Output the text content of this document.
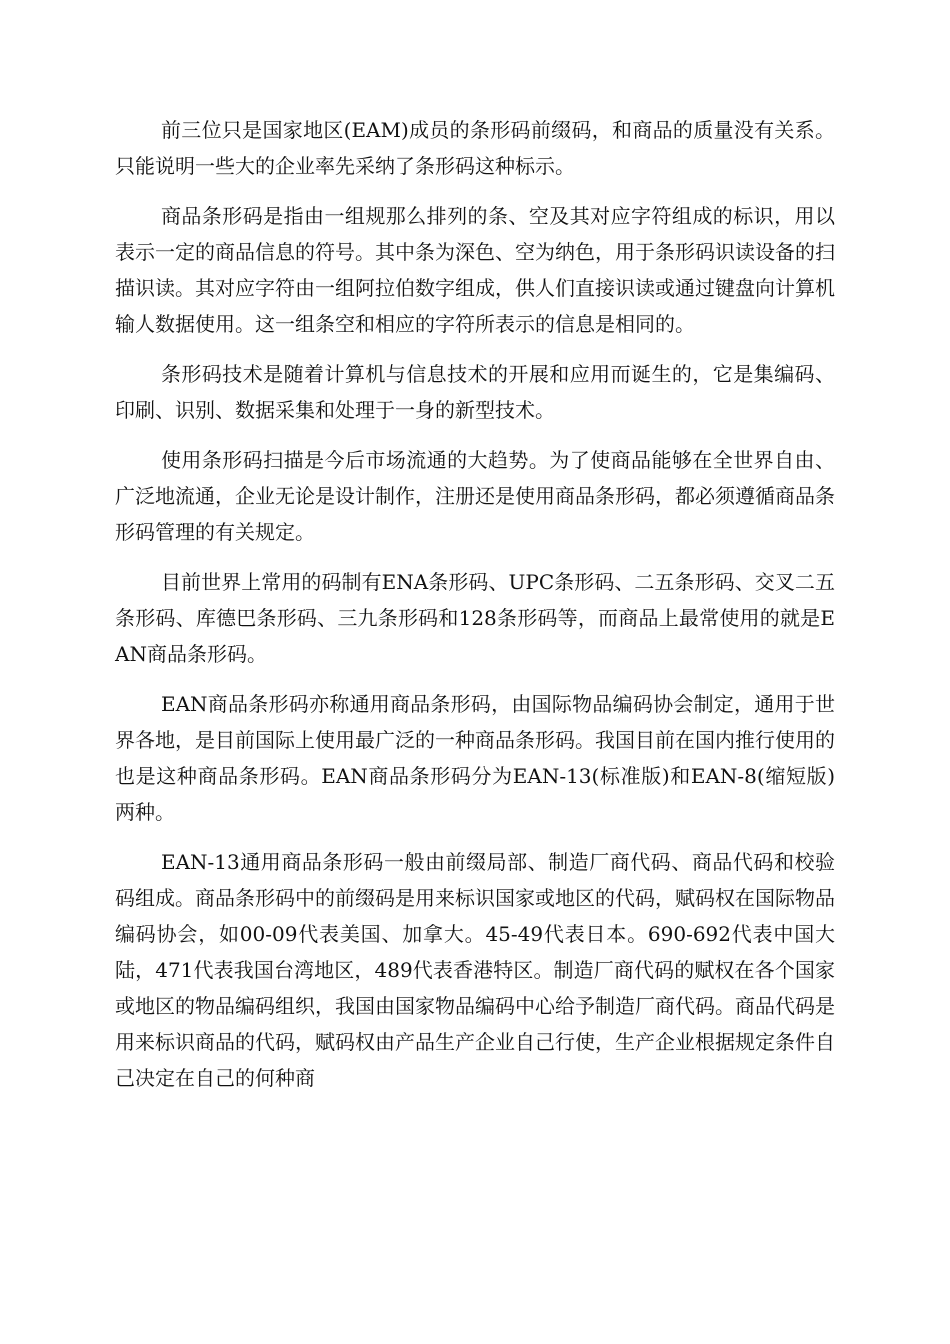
前三位只是国家地区(EAM)成员的条形码前缀码，和商品的质量没有关系。只能说明一些大的企业率先采纳了条形码这种标示。

商品条形码是指由一组规那么排列的条、空及其对应字符组成的标识，用以表示一定的商品信息的符号。其中条为深色、空为纳色，用于条形码识读设备的扫描识读。其对应字符由一组阿拉伯数字组成，供人们直接识读或通过键盘向计算机输人数据使用。这一组条空和相应的字符所表示的信息是相同的。

条形码技术是随着计算机与信息技术的开展和应用而诞生的，它是集编码、印刷、识别、数据采集和处理于一身的新型技术。

使用条形码扫描是今后市场流通的大趋势。为了使商品能够在全世界自由、广泛地流通，企业无论是设计制作，注册还是使用商品条形码，都必须遵循商品条形码管理的有关规定。

目前世界上常用的码制有ENA条形码、UPC条形码、二五条形码、交叉二五条形码、库德巴条形码、三九条形码和128条形码等，而商品上最常使用的就是EAN商品条形码。

EAN商品条形码亦称通用商品条形码，由国际物品编码协会制定，通用于世界各地，是目前国际上使用最广泛的一种商品条形码。我国目前在国内推行使用的也是这种商品条形码。EAN商品条形码分为EAN-13(标准版)和EAN-8(缩短版)两种。

EAN-13通用商品条形码一般由前缀局部、制造厂商代码、商品代码和校验码组成。商品条形码中的前缀码是用来标识国家或地区的代码，赋码权在国际物品编码协会，如00-09代表美国、加拿大。45-49代表日本。690-692代表中国大陆，471代表我国台湾地区，489代表香港特区。制造厂商代码的赋权在各个国家或地区的物品编码组织，我国由国家物品编码中心给予制造厂商代码。商品代码是用来标识商品的代码，赋码权由产品生产企业自己行使，生产企业根据规定条件自己决定在自己的何种商
